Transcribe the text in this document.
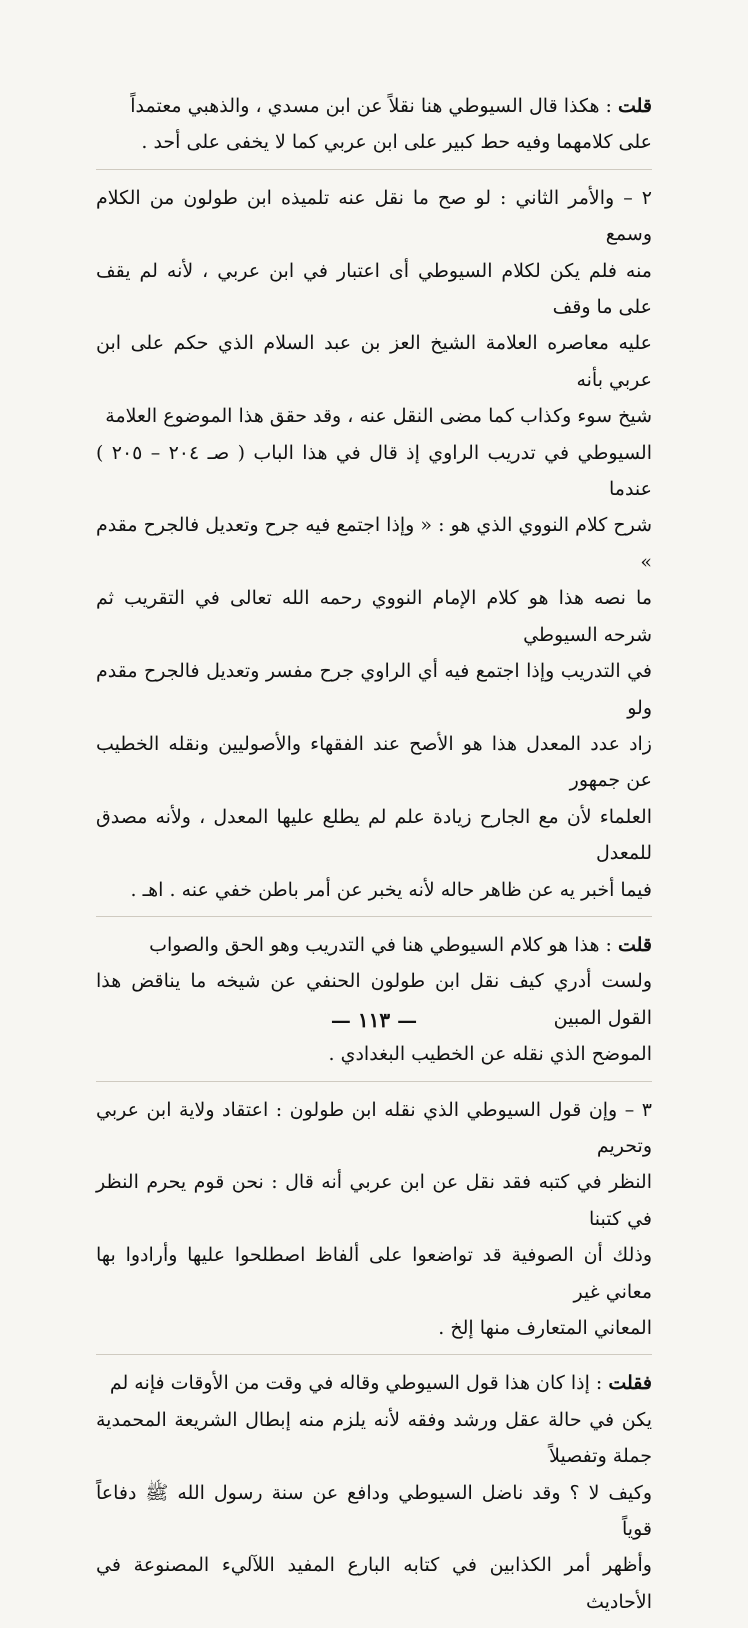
قلت : هكذا قال السيوطي هنا نقلاً عن ابن مسدي ، والذهبي معتمداً

على كلامهما وفيه حط كبير على ابن عربي كما لا يخفى على أحد .

٢ – والأمر الثاني : لو صح ما نقل عنه تلميذه ابن طولون من الكلام وسمع

منه فلم يكن لكلام السيوطي أى اعتبار في ابن عربي ، لأنه لم يقف على ما وقف

عليه معاصره العلامة الشيخ العز بن عبد السلام الذي حكم على ابن عربي بأنه

شيخ سوء وكذاب كما مضى النقل عنه ، وقد حقق هذا الموضوع العلامة

السيوطي في تدريب الراوي إذ قال في هذا الباب ( صـ ٢٠٤ – ٢٠٥ ) عندما

شرح كلام النووي الذي هو : « وإذا اجتمع فيه جرح وتعديل فالجرح مقدم »

ما نصه هذا هو كلام الإمام النووي رحمه الله تعالى في التقريب ثم شرحه السيوطي

في التدريب وإذا اجتمع فيه أي الراوي جرح مفسر وتعديل فالجرح مقدم ولو

زاد عدد المعدل هذا هو الأصح عند الفقهاء والأصوليين ونقله الخطيب عن جمهور

العلماء لأن مع الجارح زيادة علم لم يطلع عليها المعدل ، ولأنه مصدق للمعدل

فيما أخبر يه عن ظاهر حاله لأنه يخبر عن أمر باطن خفي عنه . اهـ .

قلت : هذا هو كلام السيوطي هنا في التدريب وهو الحق والصواب

ولست أدري كيف نقل ابن طولون الحنفي عن شيخه ما يناقض هذا القول المبين

الموضح الذي نقله عن الخطيب البغدادي .

٣ – وإن قول السيوطي الذي نقله ابن طولون : اعتقاد ولاية ابن عربي وتحريم

النظر في كتبه فقد نقل عن ابن عربي أنه قال : نحن قوم يحرم النظر في كتبنا

وذلك أن الصوفية قد تواضعوا على ألفاظ اصطلحوا عليها وأرادوا بها معاني غير

المعاني المتعارف منها إلخ .

فقلت : إذا كان هذا قول السيوطي وقاله في وقت من الأوقات فإنه لم

يكن في حالة عقل ورشد وفقه لأنه يلزم منه إبطال الشريعة المحمدية جملة وتفصيلاً

وكيف لا ؟ وقد ناضل السيوطي ودافع عن سنة رسول الله ﷺ دفاعاً قوياً

وأظهر أمر الكذابين في كتابه البارع المفيد اللآليء المصنوعة في الأحاديث

— ١١٣ —
